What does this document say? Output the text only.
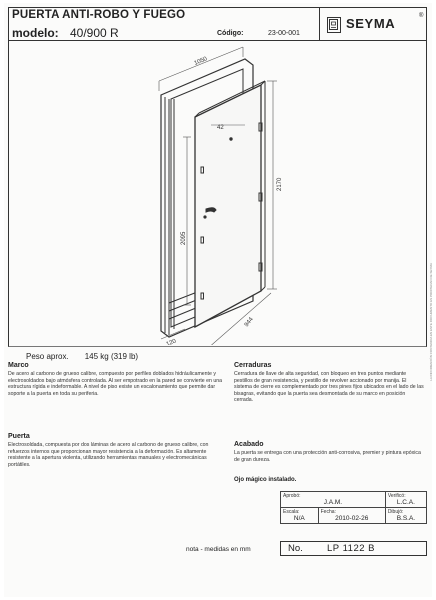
PUERTA ANTI-ROBO Y FUEGO
modelo: 40/900 R	Código:	23-00-001
SEYMA	®
1050
2170
2095
944
42
120
Peso aprox. 145 kg (319 lb)
Marco
De acero al carbono de grueso calibre, compuesto por perfiles doblados hidráulicamente y electrosoldados bajo atmósfera controlada. Al ser empotrado en la pared se convierte en una estructura rígida e indeformable. A nivel de piso existe un escalonamiento que permite dar soporte a la puerta en toda su periferia.
Puerta
Electrosoldada, compuesta por dos láminas de acero al carbono de grueso calibre, con refuerzos internos que proporcionan mayor resistencia a la deformación. Es altamente resistente a la apertura violenta, utilizando herramientas manuales y electromecánicas portátiles.
Cerraduras
Cerradura de llave de alta seguridad, con bloqueo en tres puntos mediante pestillos de gran resistencia, y pestillo de revolver accionado por manija. El sistema de cierre es complementado por tres pines fijos ubicados en el lado de las bisagras, evitando que la puerta sea desmontada de su marco en posición cerrada.
Acabado
La puerta se entrega con una protección anti-corrosiva, premier y pintura epóxica de gran dureza.
Ojo mágico instalado.
Aprobó:
J.A.M.		Verificó:
L.C.A.

Escala:
N/A	Fecha:
2010-02-26	Dibujó:
B.S.A.
No.	LP 1122 B
nota - medidas en mm
LA INFORMACIÓN CONTENIDA EN ESTE DOCUMENTO ES PROPIEDAD DE SEYMA
